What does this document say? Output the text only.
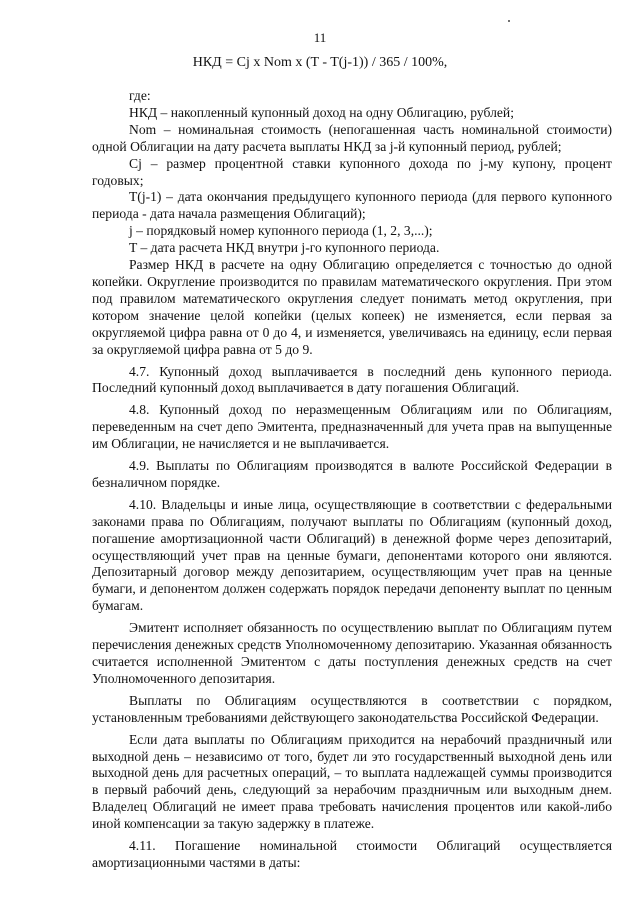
11
НКД = Cj x Nom x (T - T(j-1)) / 365 / 100%,

где:

НКД – накопленный купонный доход на одну Облигацию, рублей;

Nom – номинальная стоимость (непогашенная часть номинальной стоимости) одной Облигации на дату расчета выплаты НКД за j-й купонный период, рублей;

Cj – размер процентной ставки купонного дохода по j-му купону, процент годовых;

T(j-1) – дата окончания предыдущего купонного периода (для первого купонного периода - дата начала размещения Облигаций);

j – порядковый номер купонного периода (1, 2, 3,...);

T – дата расчета НКД внутри j-го купонного периода.

Размер НКД в расчете на одну Облигацию определяется с точностью до одной копейки. Округление производится по правилам математического округления. При этом под правилом математического округления следует понимать метод округления, при котором значение целой копейки (целых копеек) не изменяется, если первая за округляемой цифра равна от 0 до 4, и изменяется, увеличиваясь на единицу, если первая за округляемой цифра равна от 5 до 9.

4.7. Купонный доход выплачивается в последний день купонного периода. Последний купонный доход выплачивается в дату погашения Облигаций.

4.8. Купонный доход по неразмещенным Облигациям или по Облигациям, переведенным на счет депо Эмитента, предназначенный для учета прав на выпущенные им Облигации, не начисляется и не выплачивается.

4.9. Выплаты по Облигациям производятся в валюте Российской Федерации в безналичном порядке.

4.10. Владельцы и иные лица, осуществляющие в соответствии с федеральными законами права по Облигациям, получают выплаты по Облигациям (купонный доход, погашение амортизационной части Облигаций) в денежной форме через депозитарий, осуществляющий учет прав на ценные бумаги, депонентами которого они являются. Депозитарный договор между депозитарием, осуществляющим учет прав на ценные бумаги, и депонентом должен содержать порядок передачи депоненту выплат по ценным бумагам.

Эмитент исполняет обязанность по осуществлению выплат по Облигациям путем перечисления денежных средств Уполномоченному депозитарию. Указанная обязанность считается исполненной Эмитентом с даты поступления денежных средств на счет Уполномоченного депозитария.

Выплаты по Облигациям осуществляются в соответствии с порядком, установленным требованиями действующего законодательства Российской Федерации.

Если дата выплаты по Облигациям приходится на нерабочий праздничный или выходной день – независимо от того, будет ли это государственный выходной день или выходной день для расчетных операций, – то выплата надлежащей суммы производится в первый рабочий день, следующий за нерабочим праздничным или выходным днем. Владелец Облигаций не имеет права требовать начисления процентов или какой-либо иной компенсации за такую задержку в платеже.

4.11. Погашение номинальной стоимости Облигаций осуществляется амортизационными частями в даты:
